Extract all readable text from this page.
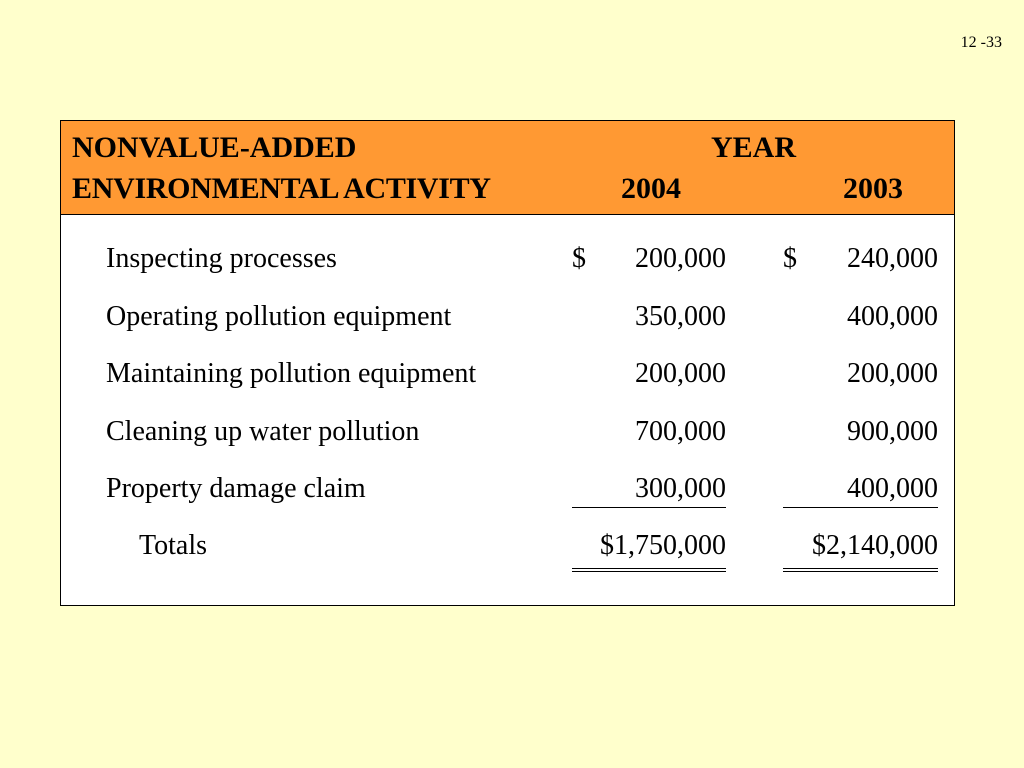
12 -33
NONVALUE-ADDED
ENVIRONMENTAL ACTIVITY
YEAR
2004	2003
Inspecting processes	$ 200,000 $ 240,000
Operating pollution equipment	350,000	400,000
Maintaining pollution equipment	200,000	200,000
Cleaning up water pollution	700,000	900,000
Property damage claim	300,000	400,000
Totals	$1,750,000	$2,140,000
